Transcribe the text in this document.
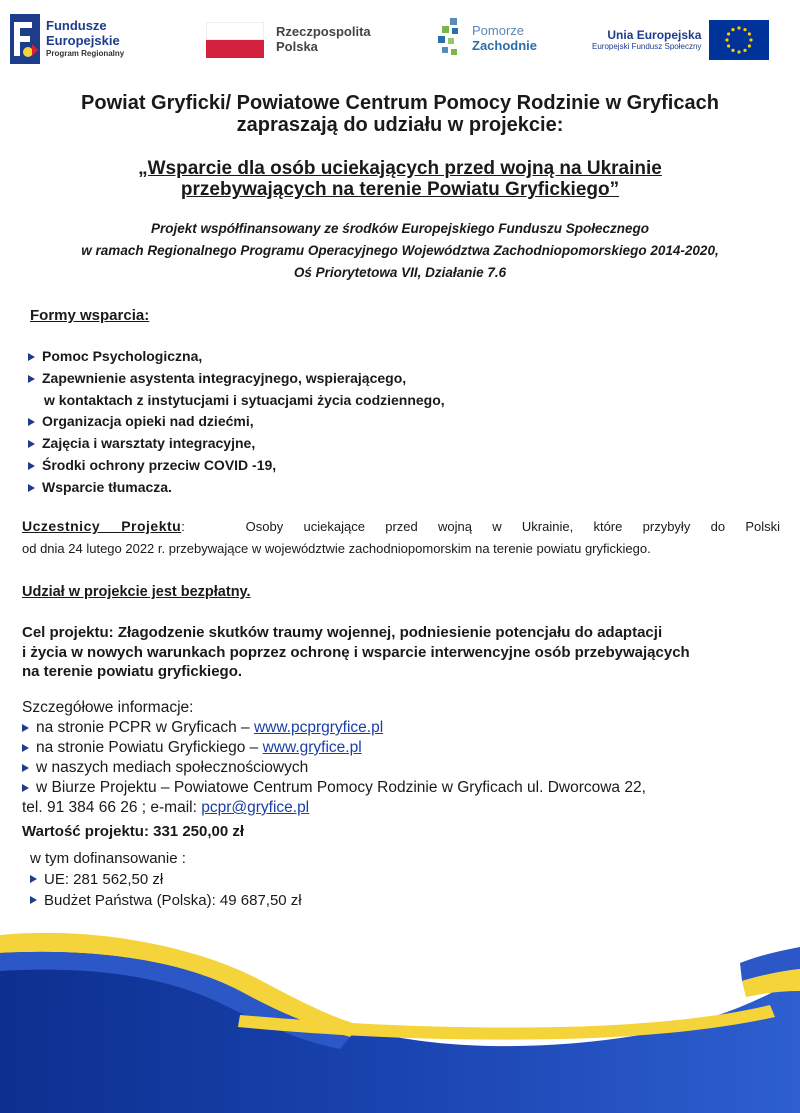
Fundusze
Europejskie
Program Regionalny
Rzeczpospolita
Polska
Pomorze
Zachodnie
Unia Europejska
Europejski Fundusz Społeczny
Powiat Gryficki/ Powiatowe Centrum Pomocy Rodzinie w Gryficach
zapraszają do udziału w projekcie:
„Wsparcie dla osób uciekających przed wojną na Ukrainie
przebywających na terenie Powiatu Gryfickiego”
Projekt współfinansowany ze środków Europejskiego Funduszu Społecznego
w ramach Regionalnego Programu Operacyjnego Województwa Zachodniopomorskiego 2014-2020,
Oś Priorytetowa VII, Działanie 7.6
Formy wsparcia:
Pomoc Psychologiczna,
Zapewnienie asystenta integracyjnego, wspierającego,
w kontaktach z instytucjami i sytuacjami życia codziennego,
Organizacja opieki nad dziećmi,
Zajęcia i warsztaty integracyjne,
Środki ochrony przeciw COVID -19,
Wsparcie tłumacza.
Uczestnicy Projektu:	Osoby uciekające przed wojną w Ukrainie, które przybyły do Polski
od dnia 24 lutego 2022 r. przebywające w województwie zachodniopomorskim na terenie powiatu gryfickiego.
Udział w projekcie jest bezpłatny.
Cel projektu: Złagodzenie skutków traumy wojennej, podniesienie potencjału do adaptacji
i życia w nowych warunkach poprzez ochronę i wsparcie interwencyjne osób przebywających
na terenie powiatu gryfickiego.
Szczegółowe informacje:
na stronie PCPR w Gryficach – www.pcprgryfice.pl
na stronie Powiatu Gryfickiego – www.gryfice.pl
w naszych mediach społecznościowych
w Biurze Projektu – Powiatowe Centrum Pomocy Rodzinie w Gryficach ul. Dworcowa 22,
tel. 91 384 66 26 ; e-mail: pcpr@gryfice.pl
Wartość projektu: 331 250,00 zł
w tym dofinansowanie :
UE: 281 562,50 zł
Budżet Państwa (Polska): 49 687,50 zł
